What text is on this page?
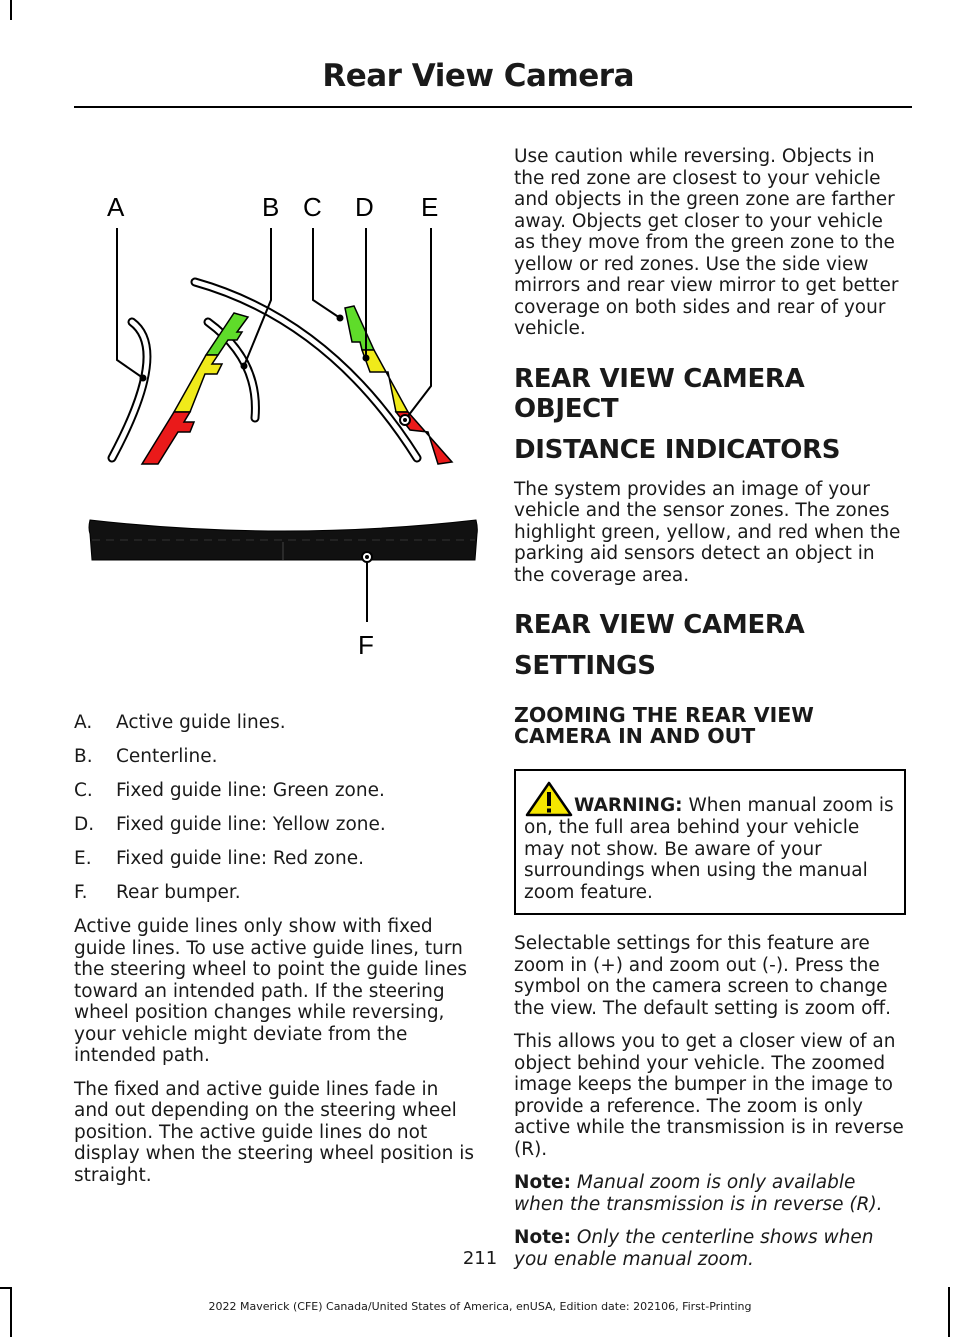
Rear View Camera
A	B C D E
F
A.	Active guide lines.
B.	Centerline.
C.	Fixed guide line: Green zone.
D.	Fixed guide line: Yellow zone.
E.	Fixed guide line: Red zone.
F.	Rear bumper.

Active guide lines only show with fixed guide lines. To use active guide lines, turn the steering wheel to point the guide lines toward an intended path. If the steering wheel position changes while reversing, your vehicle might deviate from the intended path.

The fixed and active guide lines fade in and out depending on the steering wheel position. The active guide lines do not display when the steering wheel position is straight.

Use caution while reversing. Objects in the red zone are closest to your vehicle and objects in the green zone are farther away. Objects get closer to your vehicle as they move from the green zone to the yellow or red zones. Use the side view mirrors and rear view mirror to get better coverage on both sides and rear of your vehicle.

REAR VIEW CAMERA OBJECT
DISTANCE INDICATORS

The system provides an image of your vehicle and the sensor zones. The zones highlight green, yellow, and red when the parking aid sensors detect an object in the coverage area.

REAR VIEW CAMERA
SETTINGS
ZOOMING THE REAR VIEW CAMERA IN AND OUT
WARNING: When manual zoom is on, the full area behind your vehicle may not show. Be aware of your surroundings when using the manual zoom feature.

Selectable settings for this feature are zoom in (+) and zoom out (-). Press the symbol on the camera screen to change the view. The default setting is zoom off.

This allows you to get a closer view of an object behind your vehicle. The zoomed image keeps the bumper in the image to provide a reference. The zoom is only active while the transmission is in reverse (R).

Note: Manual zoom is only available when the transmission is in reverse (R).

Note: Only the centerline shows when you enable manual zoom.

211
2022 Maverick (CFE) Canada/United States of America, enUSA, Edition date: 202106, First-Printing
